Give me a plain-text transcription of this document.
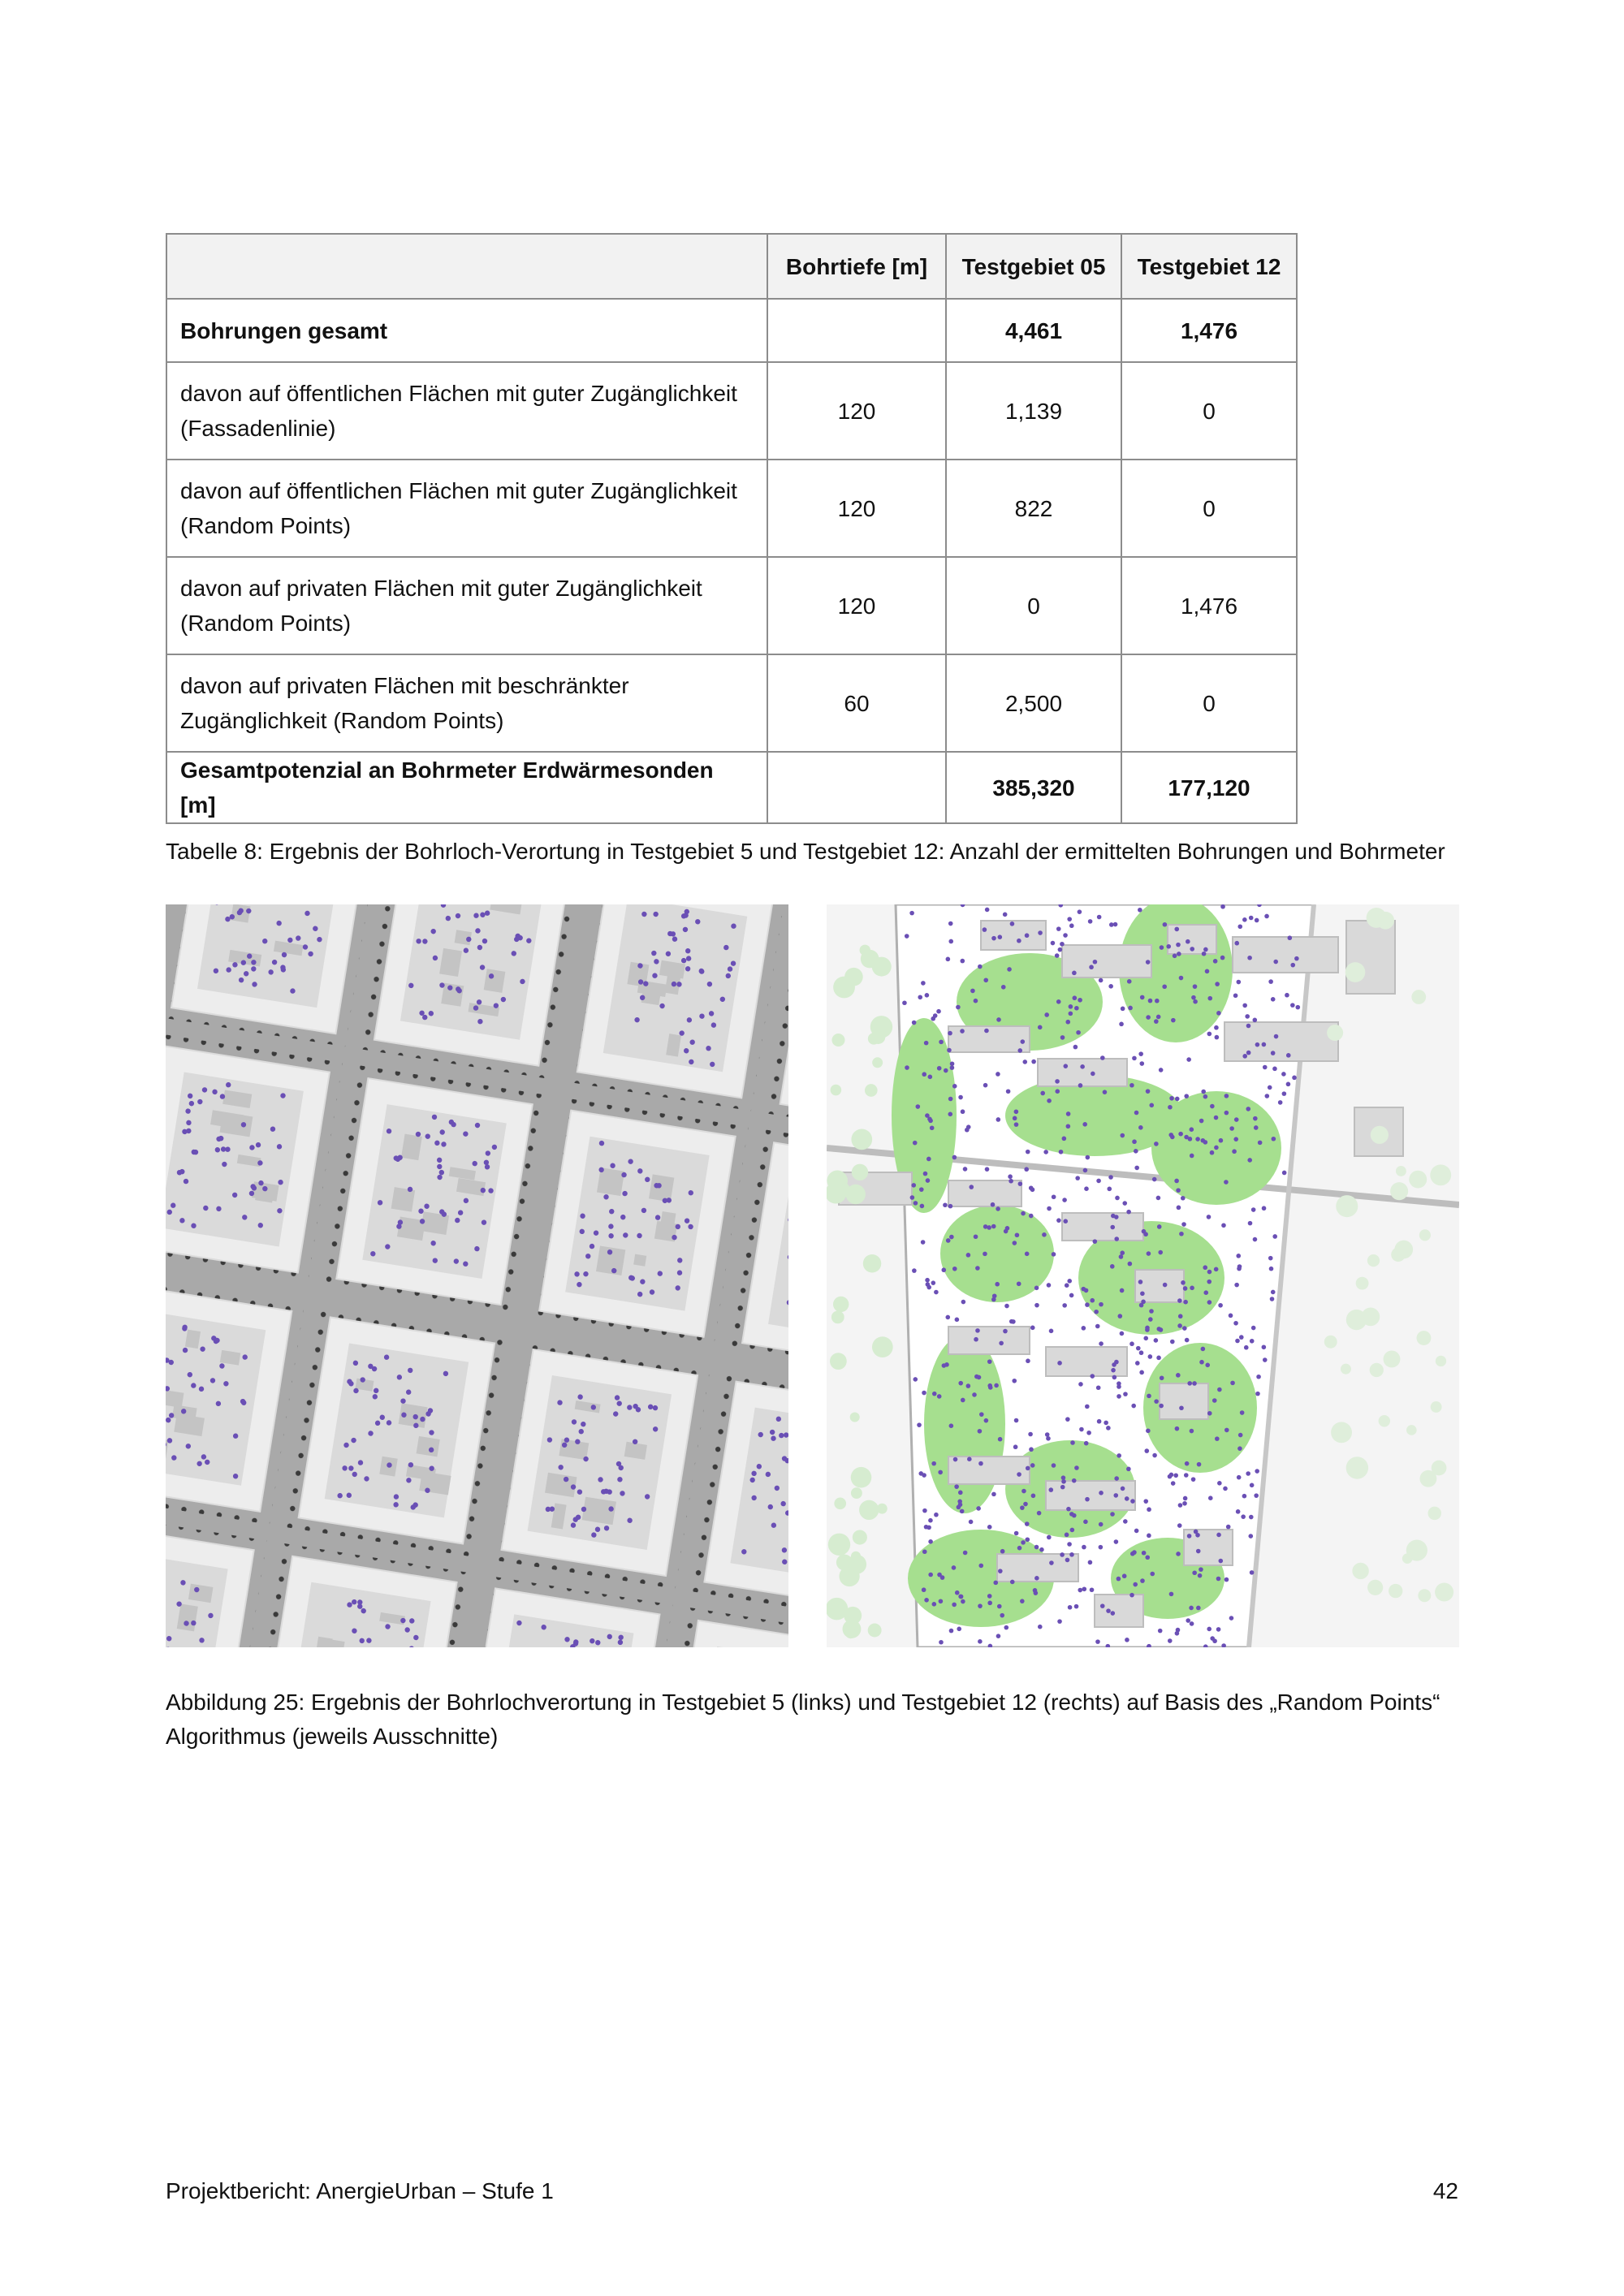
	Bohrtiefe [m]	Testgebiet 05	Testgebiet 12
Bohrungen gesamt		4,461	1,476
davon auf öffentlichen Flächen mit guter Zugänglichkeit (Fassadenlinie)	120	1,139	0
davon auf öffentlichen Flächen mit guter Zugänglichkeit (Random Points)	120	822	0
davon auf privaten Flächen mit guter Zugänglichkeit (Random Points)	120	0	1,476
davon auf privaten Flächen mit beschränkter Zugänglichkeit (Random Points)	60	2,500	0
Gesamtpotenzial an Bohrmeter Erdwärmesonden [m]		385,320	177,120
Tabelle 8: Ergebnis der Bohrloch-Verortung in Testgebiet 5 und Testgebiet 12: Anzahl der ermittelten Bohrungen und Bohrmeter
Abbildung 25: Ergebnis der Bohrlochverortung in Testgebiet 5 (links) und Testgebiet 12 (rechts) auf Basis des „Random Points“ Algorithmus (jeweils Ausschnitte)
Projektbericht: AnergieUrban – Stufe 1	42
